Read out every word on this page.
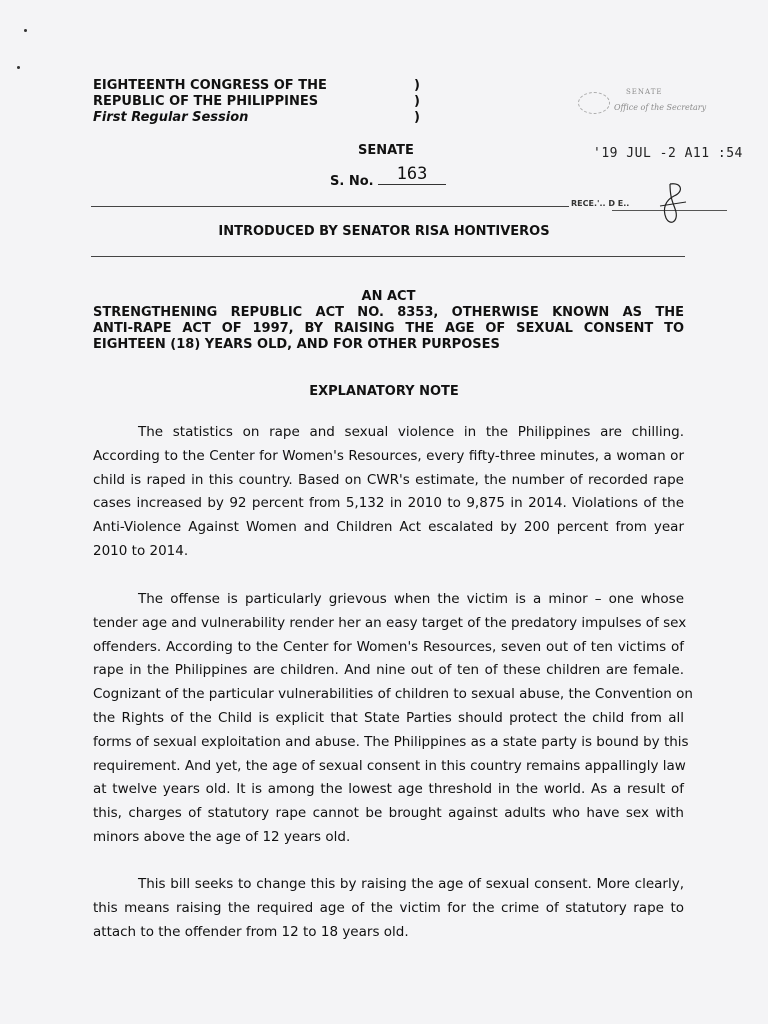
EIGHTEENTH CONGRESS OF THE
REPUBLIC OF THE PHILIPPINES
First Regular Session
)
)
)
SENATE
Office of the Secretary
SENATE
S. No.	163
'19 JUL -2 A11 :54
RECE.'.. D E..
INTRODUCED BY SENATOR RISA HONTIVEROS
AN ACT
STRENGTHENING REPUBLIC ACT NO. 8353, OTHERWISE KNOWN AS THE
ANTI-RAPE ACT OF 1997, BY RAISING THE AGE OF SEXUAL CONSENT TO
EIGHTEEN (18) YEARS OLD, AND FOR OTHER PURPOSES
EXPLANATORY NOTE
The statistics on rape and sexual violence in the Philippines are chilling.
According to the Center for Women's Resources, every fifty-three minutes, a woman or
child is raped in this country. Based on CWR's estimate, the number of recorded rape
cases increased by 92 percent from 5,132 in 2010 to 9,875 in 2014. Violations of the
Anti-Violence Against Women and Children Act escalated by 200 percent from year
2010 to 2014.
The offense is particularly grievous when the victim is a minor – one whose
tender age and vulnerability render her an easy target of the predatory impulses of sex
offenders. According to the Center for Women's Resources, seven out of ten victims of
rape in the Philippines are children. And nine out of ten of these children are female.
Cognizant of the particular vulnerabilities of children to sexual abuse, the Convention on
the Rights of the Child is explicit that State Parties should protect the child from all
forms of sexual exploitation and abuse. The Philippines as a state party is bound by this
requirement. And yet, the age of sexual consent in this country remains appallingly law
at twelve years old. It is among the lowest age threshold in the world. As a result of
this, charges of statutory rape cannot be brought against adults who have sex with
minors above the age of 12 years old.
This bill seeks to change this by raising the age of sexual consent. More clearly,
this means raising the required age of the victim for the crime of statutory rape to
attach to the offender from 12 to 18 years old.
